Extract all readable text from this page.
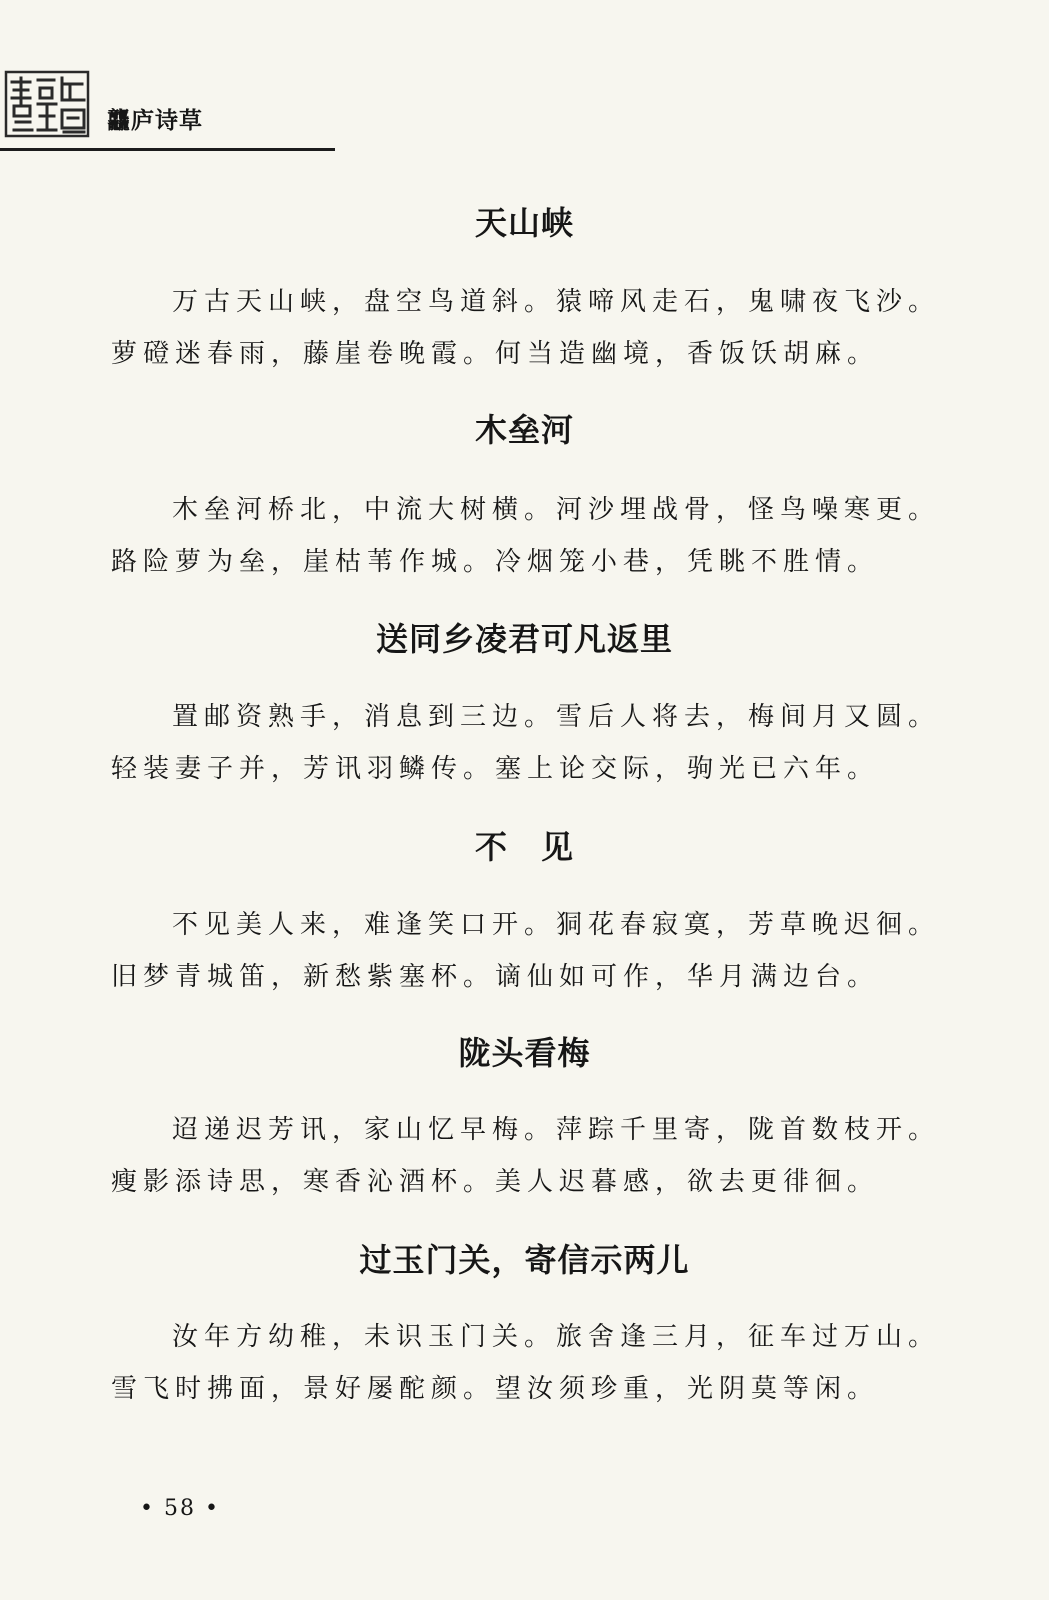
龘庐诗草
天山峡
万古天山峡，盘空鸟道斜。猿啼风走石，鬼啸夜飞沙。
萝磴迷春雨，藤崖卷晚霞。何当造幽境，香饭饫胡麻。
木垒河
木垒河桥北，中流大树横。河沙埋战骨，怪鸟噪寒更。
路险萝为垒，崖枯苇作城。冷烟笼小巷，凭眺不胜情。
送同乡凌君可凡返里
置邮资熟手，消息到三边。雪后人将去，梅间月又圆。
轻装妻子并，芳讯羽鳞传。塞上论交际，驹光已六年。
不　见
不见美人来，难逢笑口开。狪花春寂寞，芳草晚迟徊。
旧梦青城笛，新愁紫塞杯。谪仙如可作，华月满边台。
陇头看梅
迢递迟芳讯，家山忆早梅。萍踪千里寄，陇首数枝开。
瘦影添诗思，寒香沁酒杯。美人迟暮感，欲去更徘徊。
过玉门关，寄信示两儿
汝年方幼稚，未识玉门关。旅舍逢三月，征车过万山。
雪飞时拂面，景好屡酡颜。望汝须珍重，光阴莫等闲。
• 58 •
